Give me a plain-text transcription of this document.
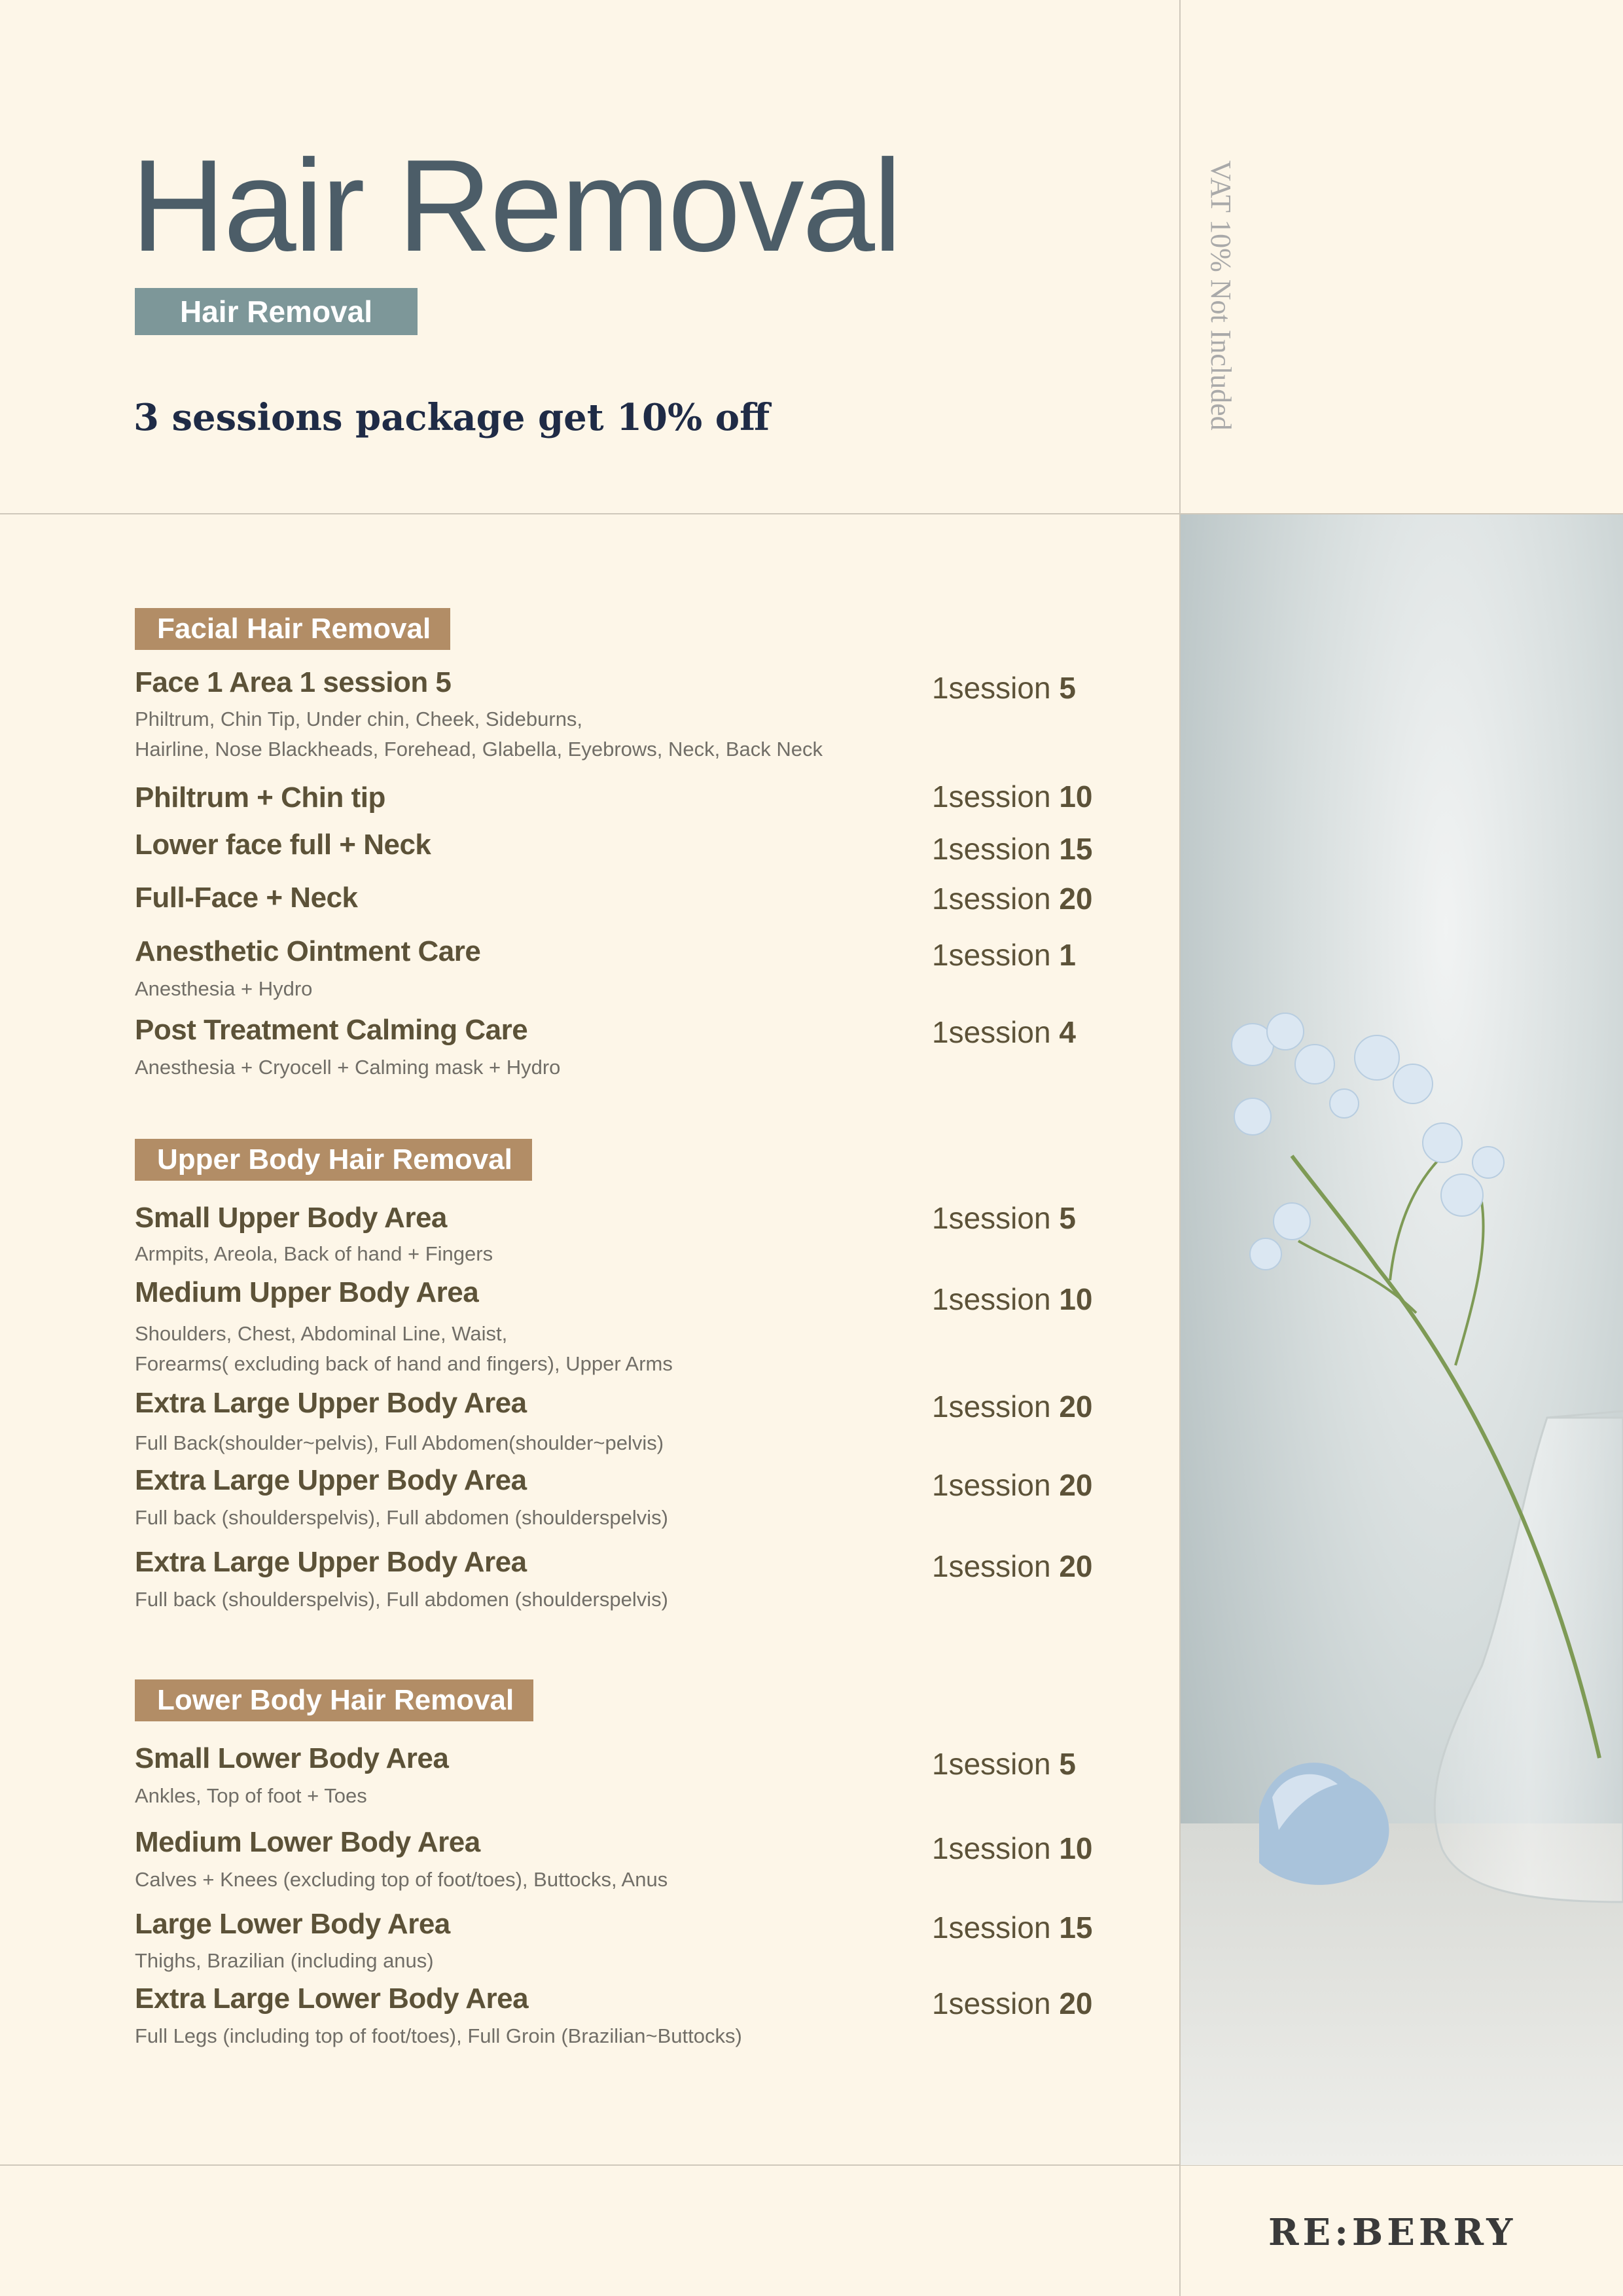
Hair Removal
Hair Removal
3 sessions package get 10% off	VAT 10% Not Included
RE:BERRY
Facial Hair Removal
Face 1 Area 1 session 5
Philtrum, Chin Tip, Under chin, Cheek, Sideburns,
Hairline, Nose Blackheads, Forehead, Glabella, Eyebrows, Neck, Back Neck
1session 5
Philtrum + Chin tip	1session 10
Lower face full + Neck	1session 15
Full-Face + Neck	1session 20
Anesthetic Ointment Care
Anesthesia + Hydro
1session 1
Post Treatment Calming Care
Anesthesia + Cryocell + Calming mask + Hydro
1session 4
Upper Body Hair Removal
Small Upper Body Area
Armpits, Areola, Back of hand + Fingers
1session 5
Medium Upper Body Area
Shoulders, Chest, Abdominal Line, Waist,
Forearms( excluding back of hand and fingers), Upper Arms
1session 10
Extra Large Upper Body Area
Full Back(shoulder~pelvis), Full Abdomen(shoulder~pelvis)
1session 20
Extra Large Upper Body Area
Full back (shoulderspelvis), Full abdomen (shoulderspelvis)
1session 20
Extra Large Upper Body Area
Full back (shoulderspelvis), Full abdomen (shoulderspelvis)
1session 20
Lower Body Hair Removal
Small Lower Body Area
Ankles, Top of foot + Toes
1session 5
Medium Lower Body Area
Calves + Knees (excluding top of foot/toes), Buttocks, Anus
1session 10
Large Lower Body Area
Thighs, Brazilian (including anus)
1session 15
Extra Large Lower Body Area
Full Legs (including top of foot/toes), Full Groin (Brazilian~Buttocks)
1session 20
